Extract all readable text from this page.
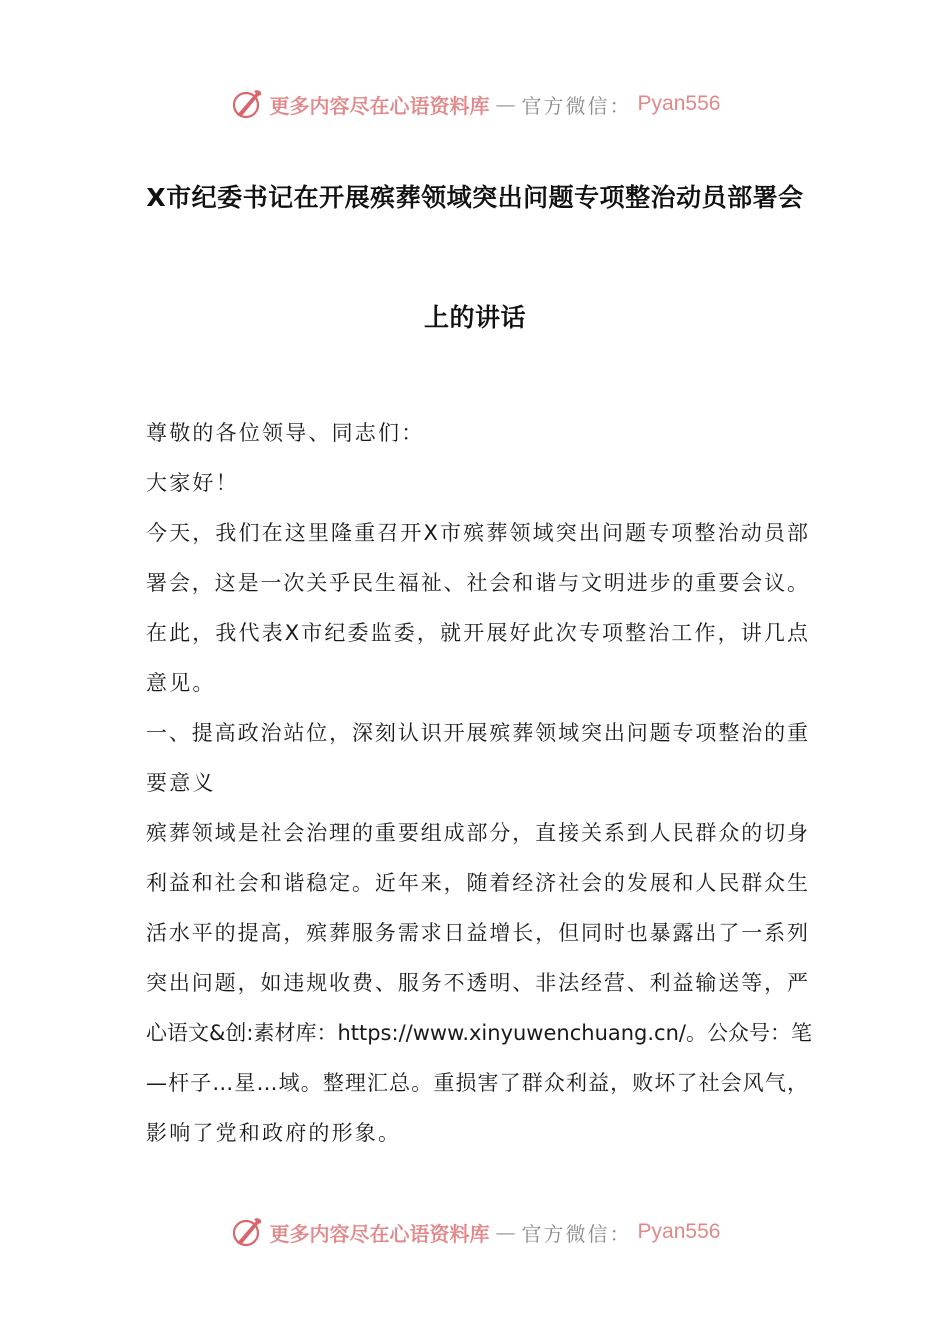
更多内容尽在心语资料库 — 官方微信： Pyan556
X市纪委书记在开展殡葬领域突出问题专项整治动员部署会
上的讲话
尊敬的各位领导、同志们：
大家好！
今天，我们在这里隆重召开X市殡葬领域突出问题专项整治动员部
署会，这是一次关乎民生福祉、社会和谐与文明进步的重要会议。
在此，我代表X市纪委监委，就开展好此次专项整治工作，讲几点
意见。
一、提高政治站位，深刻认识开展殡葬领域突出问题专项整治的重
要意义
殡葬领域是社会治理的重要组成部分，直接关系到人民群众的切身
利益和社会和谐稳定。近年来，随着经济社会的发展和人民群众生
活水平的提高，殡葬服务需求日益增长，但同时也暴露出了一系列
突出问题，如违规收费、服务不透明、非法经营、利益输送等，严
心语文&创:素材库：https://www.xinyuwenchuang.cn/。公众号：笔
—杆子…星…域。整理汇总。重损害了群众利益，败坏了社会风气，
影响了党和政府的形象。
更多内容尽在心语资料库 — 官方微信： Pyan556
